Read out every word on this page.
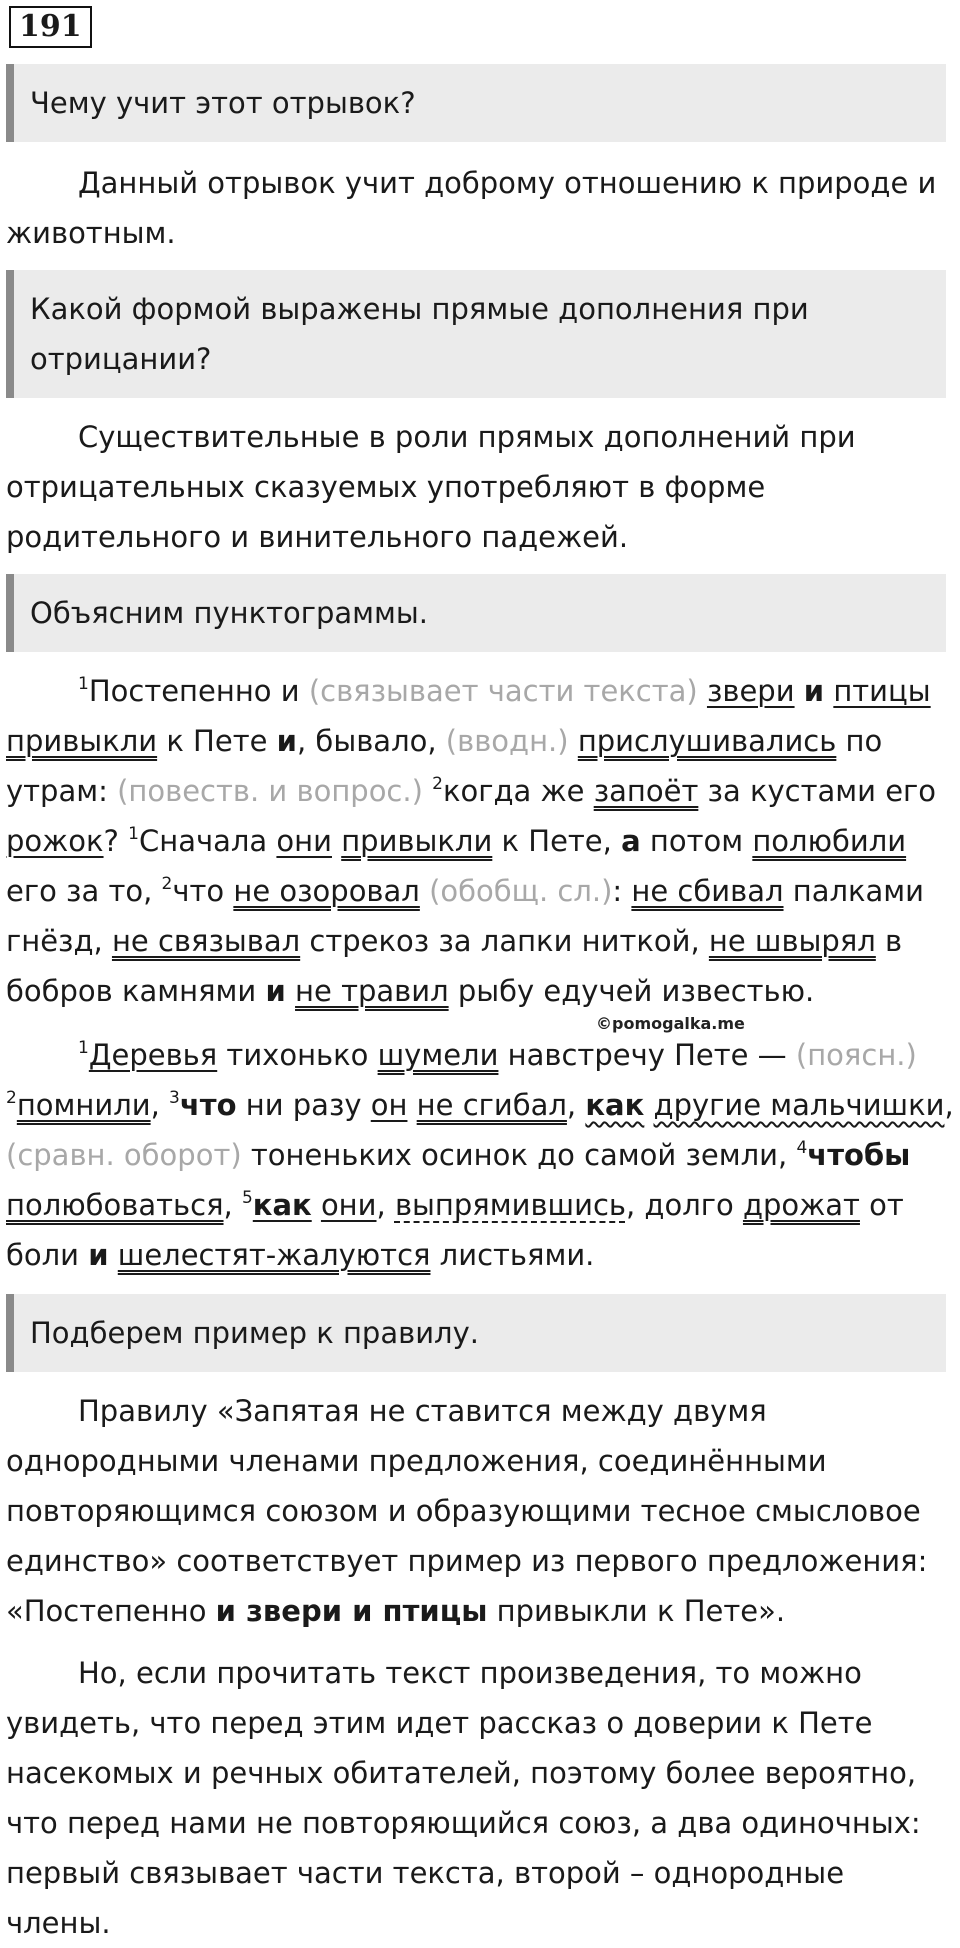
191
Чему учит этот отрывок?
Данный отрывок учит доброму отношению к природе и животным.
Какой формой выражены прямые дополнения при отрицании?
Существительные в роли прямых дополнений при отрицательных сказуемых употребляют в форме родительного и винительного падежей.
Объясним пунктограммы.
$^1$Постепенно и (связывает части текста) звери и птицы привыкли к Пете и, бывало, (вводн.) прислушивались по утрам: (повеств. и вопрос.) $^2$когда же запоёт за кустами его рожок? $^1$Сначала они привыкли к Пете, а потом полюбили его за то, $^2$что не озоровал (обобщ. сл.): не сбивал палками гнёзд, не связывал стрекоз за лапки ниткой, не швырял в бобров камнями и не травил рыбу едучей известью.
©pomogalka.me
$^1$Деревья тихонько шумели навстречу Пете — (поясн.) $^2$помнили, $^3$что ни разу он не сгибал, как другие мальчишки, (сравн. оборот) тоненьких осинок до самой земли, $^4$чтобы полюбоваться, $^5$как они, выпрямившись, долго дрожат от боли и шелестят-жалуются листьями.
Подберем пример к правилу.
Правилу «Запятая не ставится между двумя однородными членами предложения, соединёнными повторяющимся союзом и образующими тесное смысловое единство» соответствует пример из первого предложения: «Постепенно и звери и птицы привыкли к Пете».
Но, если прочитать текст произведения, то можно увидеть, что перед этим идет рассказ о доверии к Пете насекомых и речных обитателей, поэтому более вероятно, что перед нами не повторяющийся союз, а два одиночных: первый связывает части текста, второй – однородные члены.
